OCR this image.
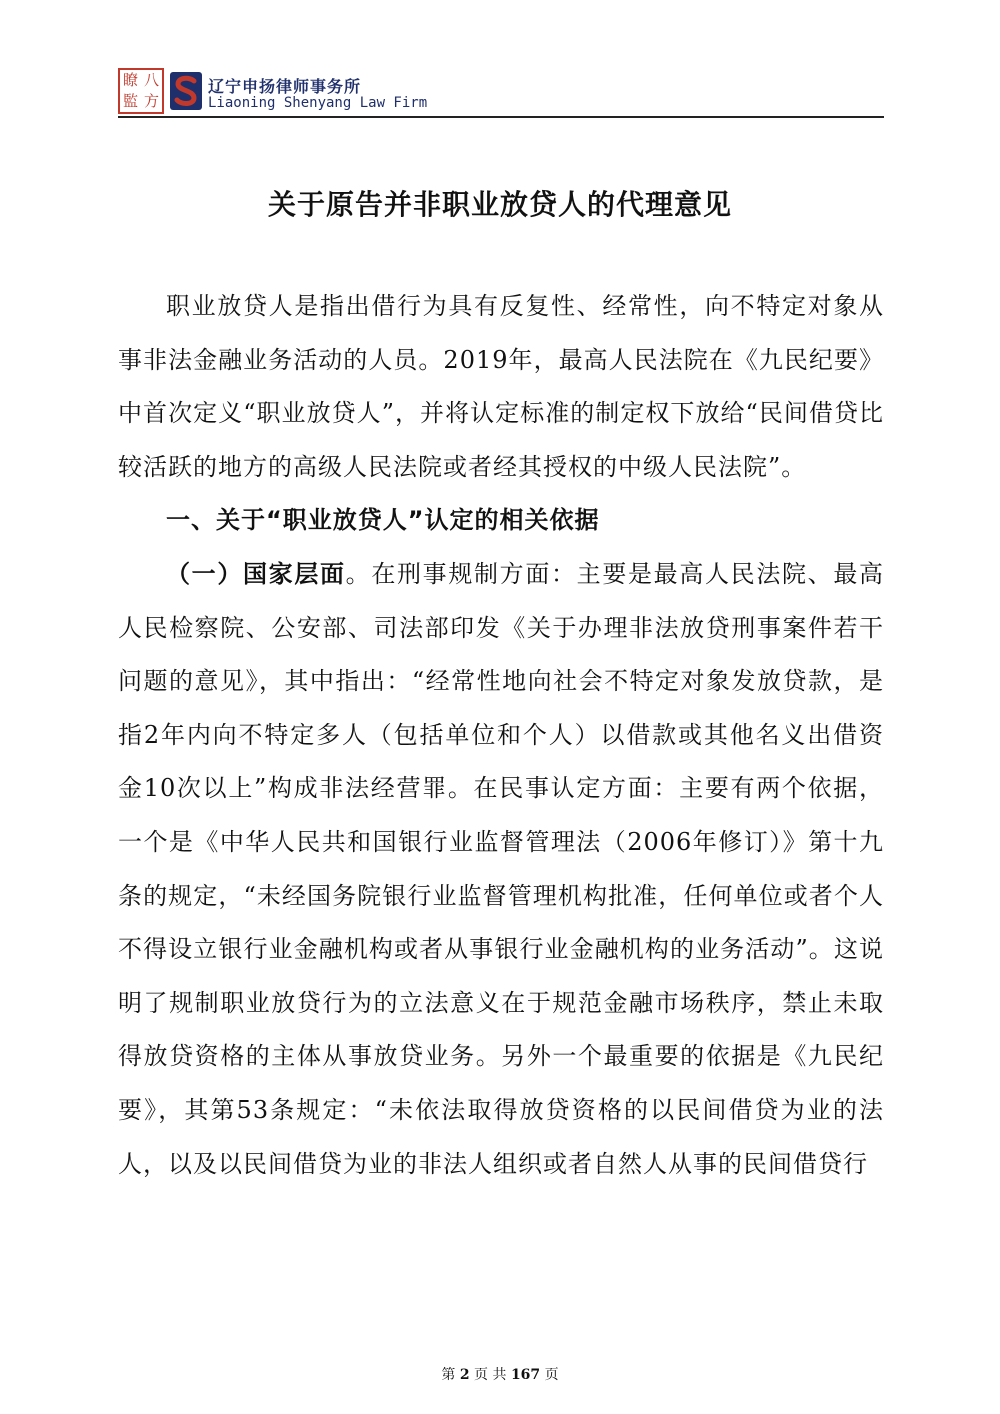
瞭 八
監 方
辽宁申扬律师事务所
Liaoning Shenyang Law Firm
关于原告并非职业放贷人的代理意见

职业放贷人是指出借行为具有反复性、经常性，向不特定对象从事非法金融业务活动的人员。2019年，最高人民法院在《九民纪要》中首次定义“职业放贷人”，并将认定标准的制定权下放给“民间借贷比较活跃的地方的高级人民法院或者经其授权的中级人民法院”。

一、关于“职业放贷人”认定的相关依据

（一）国家层面。在刑事规制方面：主要是最高人民法院、最高人民检察院、公安部、司法部印发《关于办理非法放贷刑事案件若干问题的意见》，其中指出：“经常性地向社会不特定对象发放贷款，是指2年内向不特定多人（包括单位和个人）以借款或其他名义出借资金10次以上”构成非法经营罪。在民事认定方面：主要有两个依据，一个是《中华人民共和国银行业监督管理法（2006年修订）》第十九条的规定，“未经国务院银行业监督管理机构批准，任何单位或者个人不得设立银行业金融机构或者从事银行业金融机构的业务活动”。这说明了规制职业放贷行为的立法意义在于规范金融市场秩序，禁止未取得放贷资格的主体从事放贷业务。另外一个最重要的依据是《九民纪要》，其第53条规定：“未依法取得放贷资格的以民间借贷为业的法人，以及以民间借贷为业的非法人组织或者自然人从事的民间借贷行

第 2 页 共 167 页
